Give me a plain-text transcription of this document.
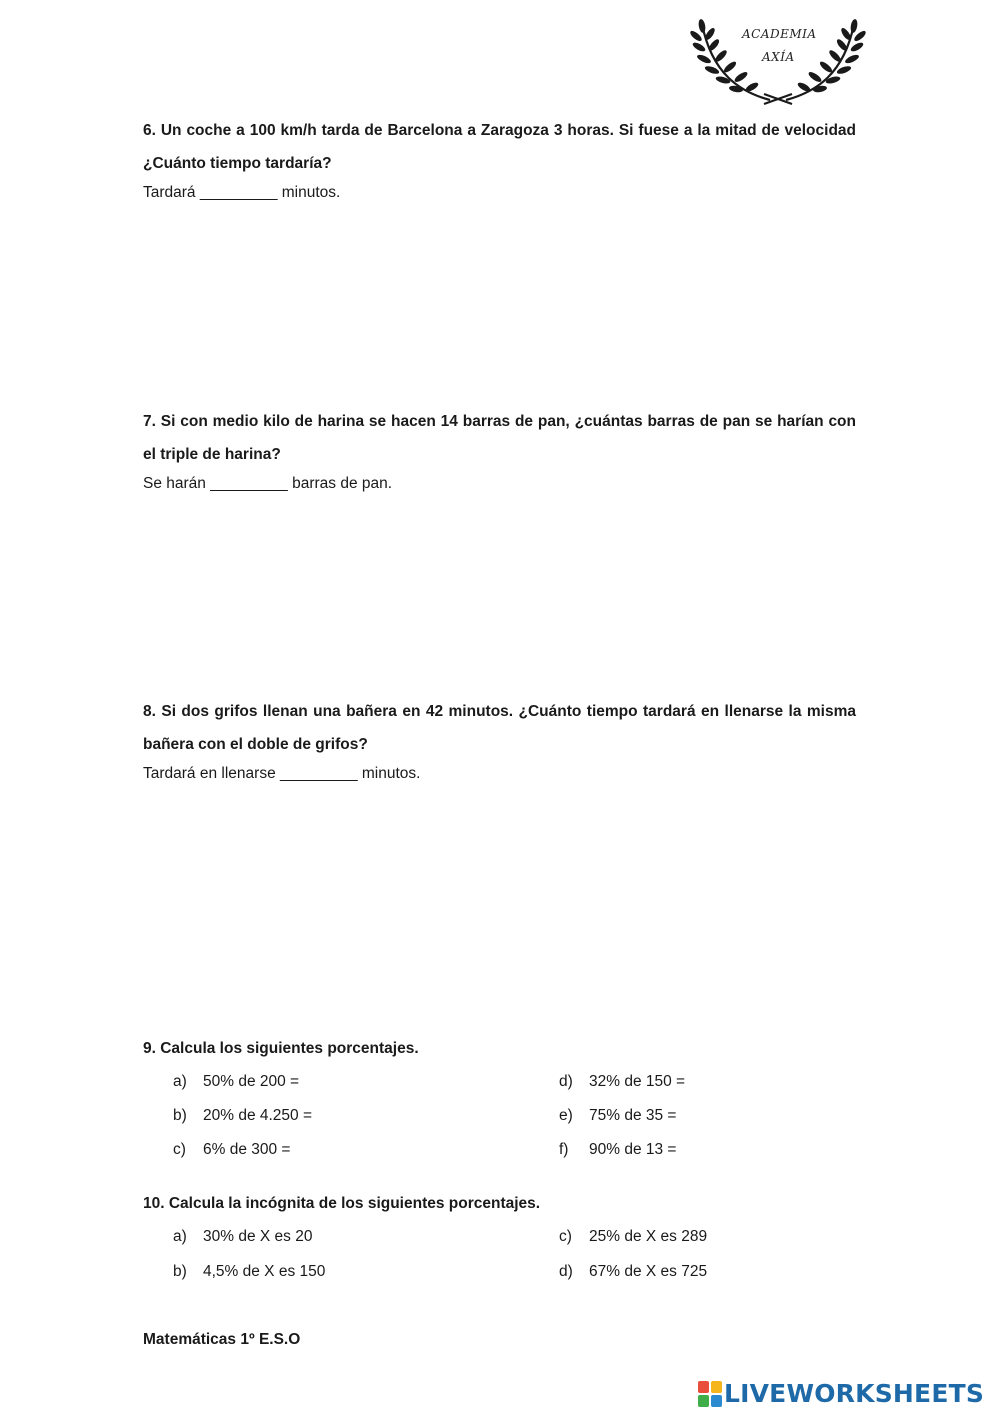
ACADEMIA
AXÍA

6. Un coche a 100 km/h tarda de Barcelona a Zaragoza 3 horas. Si fuese a la mitad de velocidad ¿Cuánto tiempo tardaría?

Tardará _________ minutos.

7. Si con medio kilo de harina se hacen 14 barras de pan, ¿cuántas barras de pan se harían con el triple de harina?

Se harán _________ barras de pan.

8. Si dos grifos llenan una bañera en 42 minutos. ¿Cuánto tiempo tardará en llenarse la misma bañera con el doble de grifos?

Tardará en llenarse _________ minutos.

9. Calcula los siguientes porcentajes.

a) 50% de 200 =
b) 20% de 4.250 =
c) 6% de 300 =
d) 32% de 150 =
e) 75% de 35 =
f) 90% de 13 =

10. Calcula la incógnita de los siguientes porcentajes.

a) 30% de X es 20
b) 4,5% de X es 150
c) 25% de X es 289
d) 67% de X es 725
Matemáticas 1º E.S.O
LIVEWORKSHEETS
